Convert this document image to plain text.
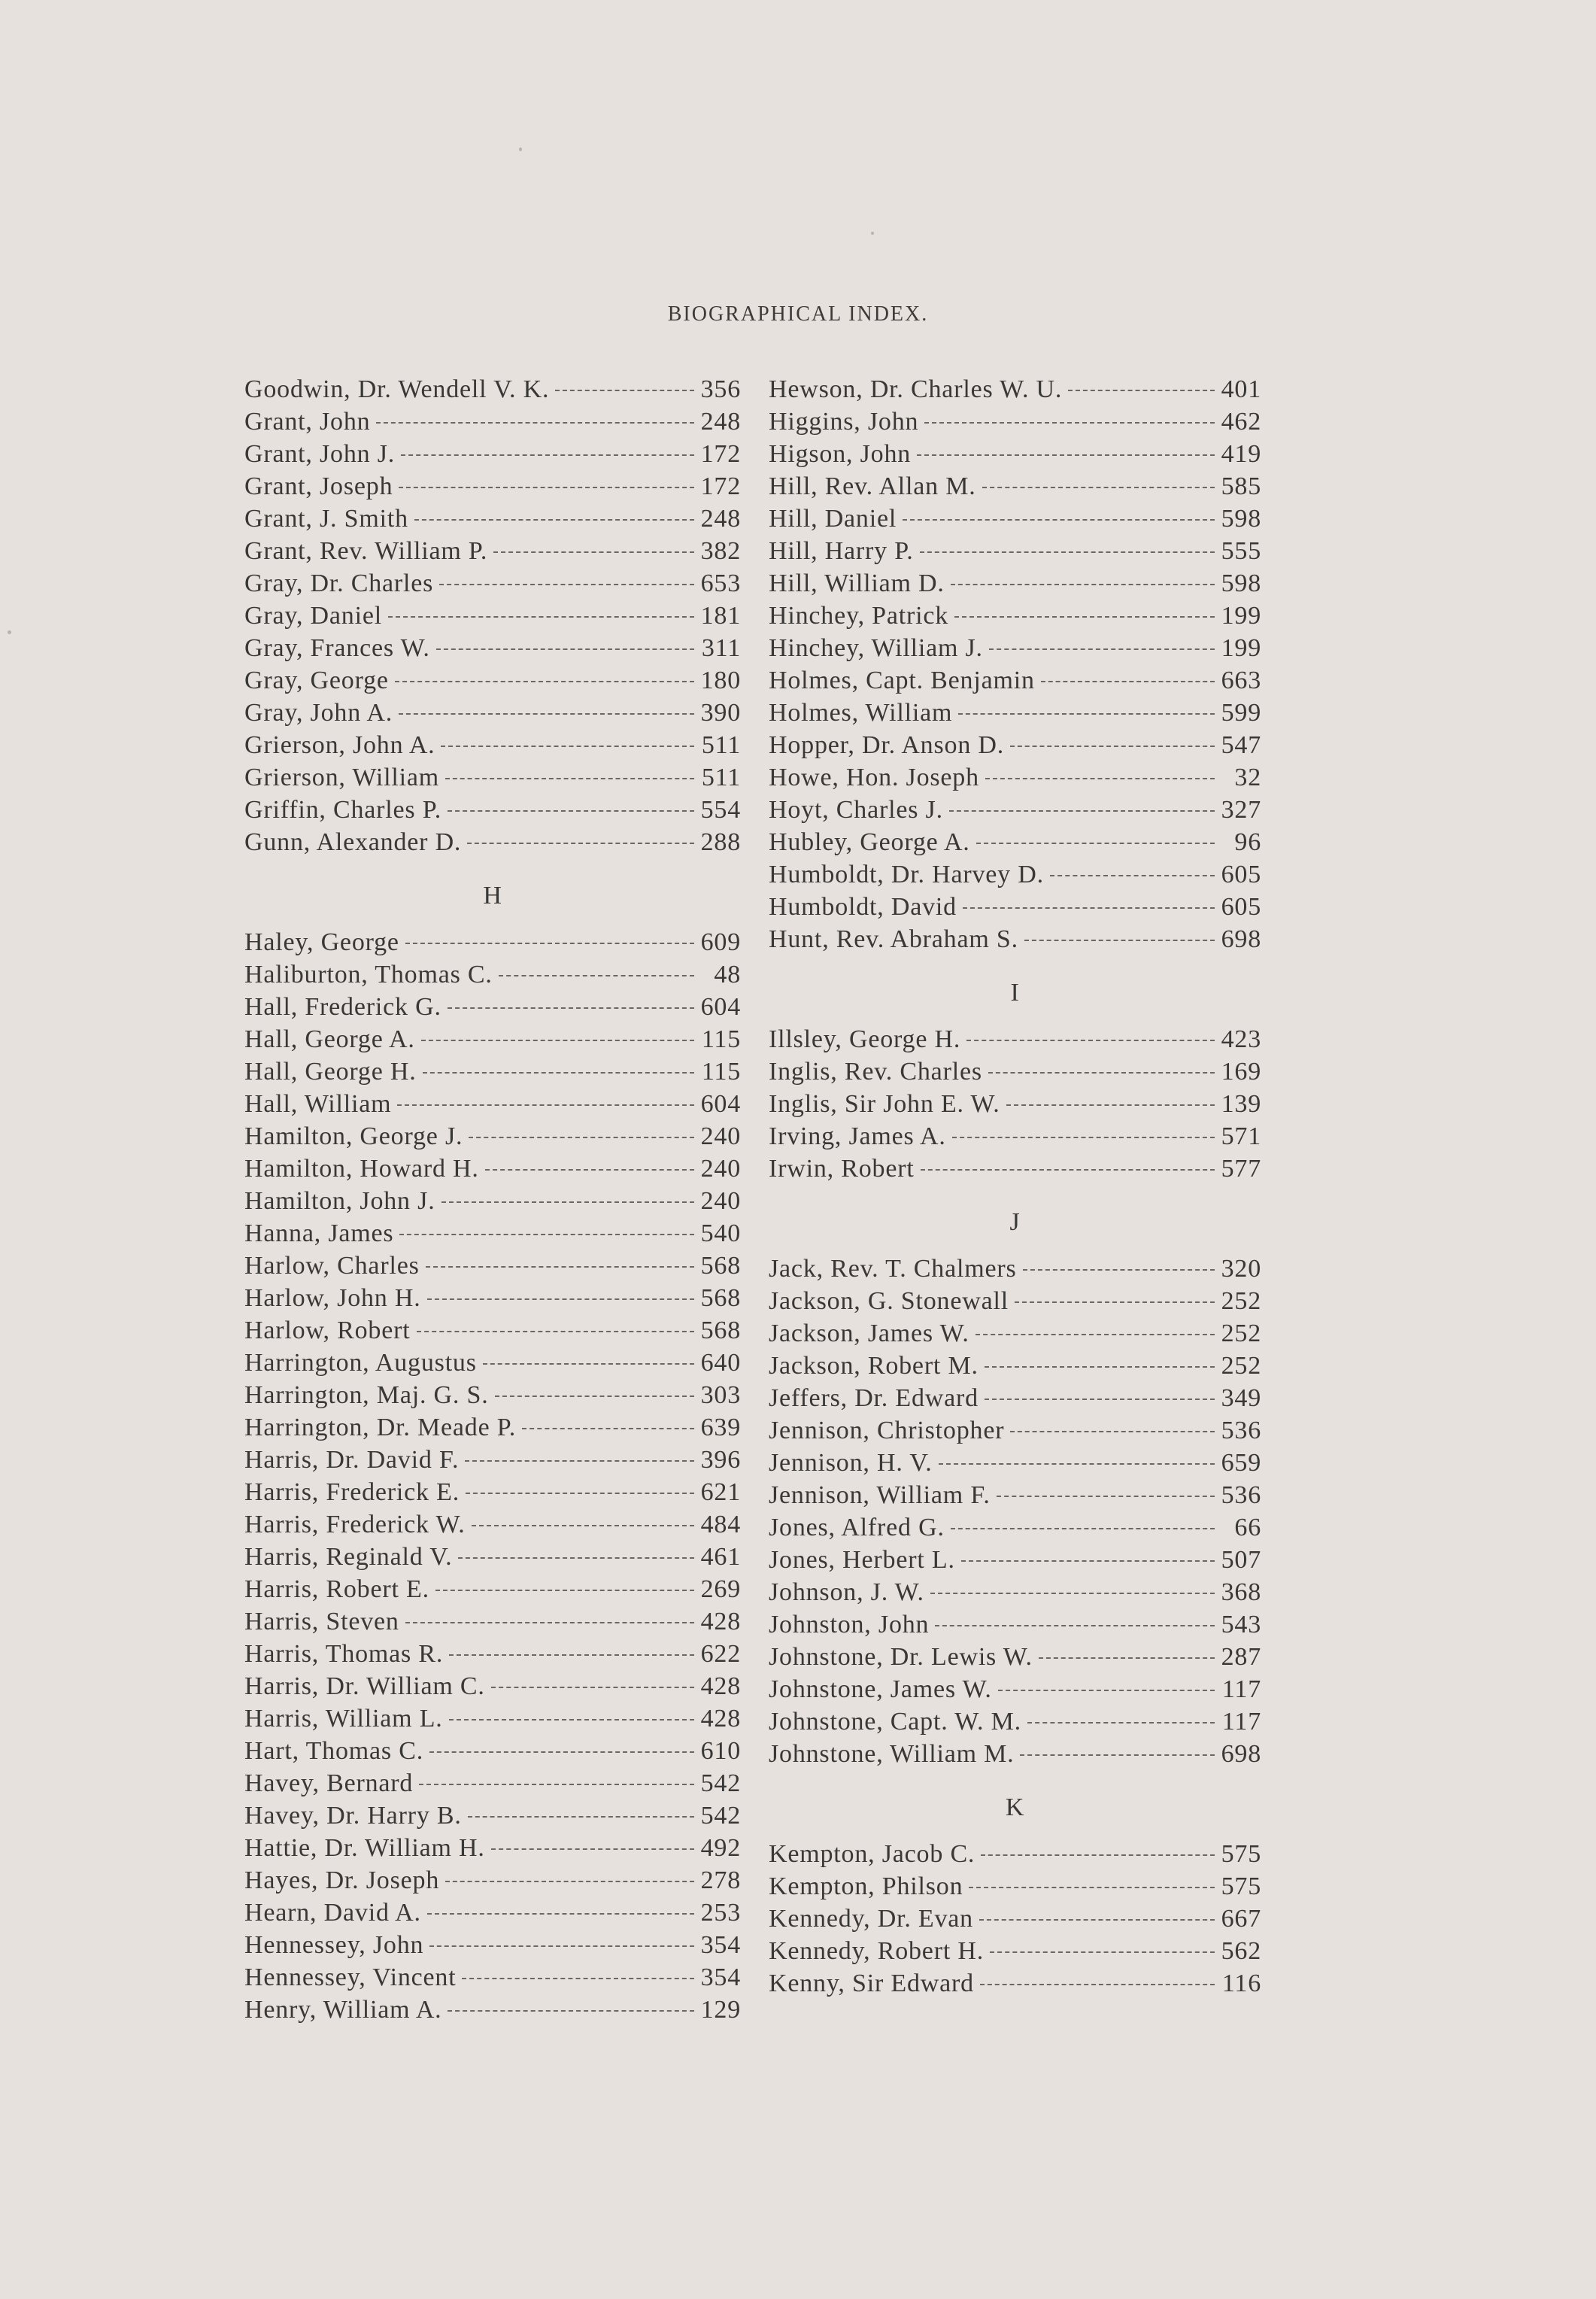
BIOGRAPHICAL INDEX.
Goodwin, Dr. Wendell V. K.	356
Grant, John	248
Grant, John J.	172
Grant, Joseph	172
Grant, J. Smith	248
Grant, Rev. William P.	382
Gray, Dr. Charles	653
Gray, Daniel	181
Gray, Frances W.	311
Gray, George	180
Gray, John A.	390
Grierson, John A.	511
Grierson, William	511
Griffin, Charles P.	554
Gunn, Alexander D.	288
H
Haley, George	609
Haliburton, Thomas C.	48
Hall, Frederick G.	604
Hall, George A.	115
Hall, George H.	115
Hall, William	604
Hamilton, George J.	240
Hamilton, Howard H.	240
Hamilton, John J.	240
Hanna, James	540
Harlow, Charles	568
Harlow, John H.	568
Harlow, Robert	568
Harrington, Augustus	640
Harrington, Maj. G. S.	303
Harrington, Dr. Meade P.	639
Harris, Dr. David F.	396
Harris, Frederick E.	621
Harris, Frederick W.	484
Harris, Reginald V.	461
Harris, Robert E.	269
Harris, Steven	428
Harris, Thomas R.	622
Harris, Dr. William C.	428
Harris, William L.	428
Hart, Thomas C.	610
Havey, Bernard	542
Havey, Dr. Harry B.	542
Hattie, Dr. William H.	492
Hayes, Dr. Joseph	278
Hearn, David A.	253
Hennessey, John	354
Hennessey, Vincent	354
Henry, William A.	129
Hewson, Dr. Charles W. U.	401
Higgins, John	462
Higson, John	419
Hill, Rev. Allan M.	585
Hill, Daniel	598
Hill, Harry P.	555
Hill, William D.	598
Hinchey, Patrick	199
Hinchey, William J.	199
Holmes, Capt. Benjamin	663
Holmes, William	599
Hopper, Dr. Anson D.	547
Howe, Hon. Joseph	32
Hoyt, Charles J.	327
Hubley, George A.	96
Humboldt, Dr. Harvey D.	605
Humboldt, David	605
Hunt, Rev. Abraham S.	698
I
Illsley, George H.	423
Inglis, Rev. Charles	169
Inglis, Sir John E. W.	139
Irving, James A.	571
Irwin, Robert	577
J
Jack, Rev. T. Chalmers	320
Jackson, G. Stonewall	252
Jackson, James W.	252
Jackson, Robert M.	252
Jeffers, Dr. Edward	349
Jennison, Christopher	536
Jennison, H. V.	659
Jennison, William F.	536
Jones, Alfred G.	66
Jones, Herbert L.	507
Johnson, J. W.	368
Johnston, John	543
Johnstone, Dr. Lewis W.	287
Johnstone, James W.	117
Johnstone, Capt. W. M.	117
Johnstone, William M.	698
K
Kempton, Jacob C.	575
Kempton, Philson	575
Kennedy, Dr. Evan	667
Kennedy, Robert H.	562
Kenny, Sir Edward	116
